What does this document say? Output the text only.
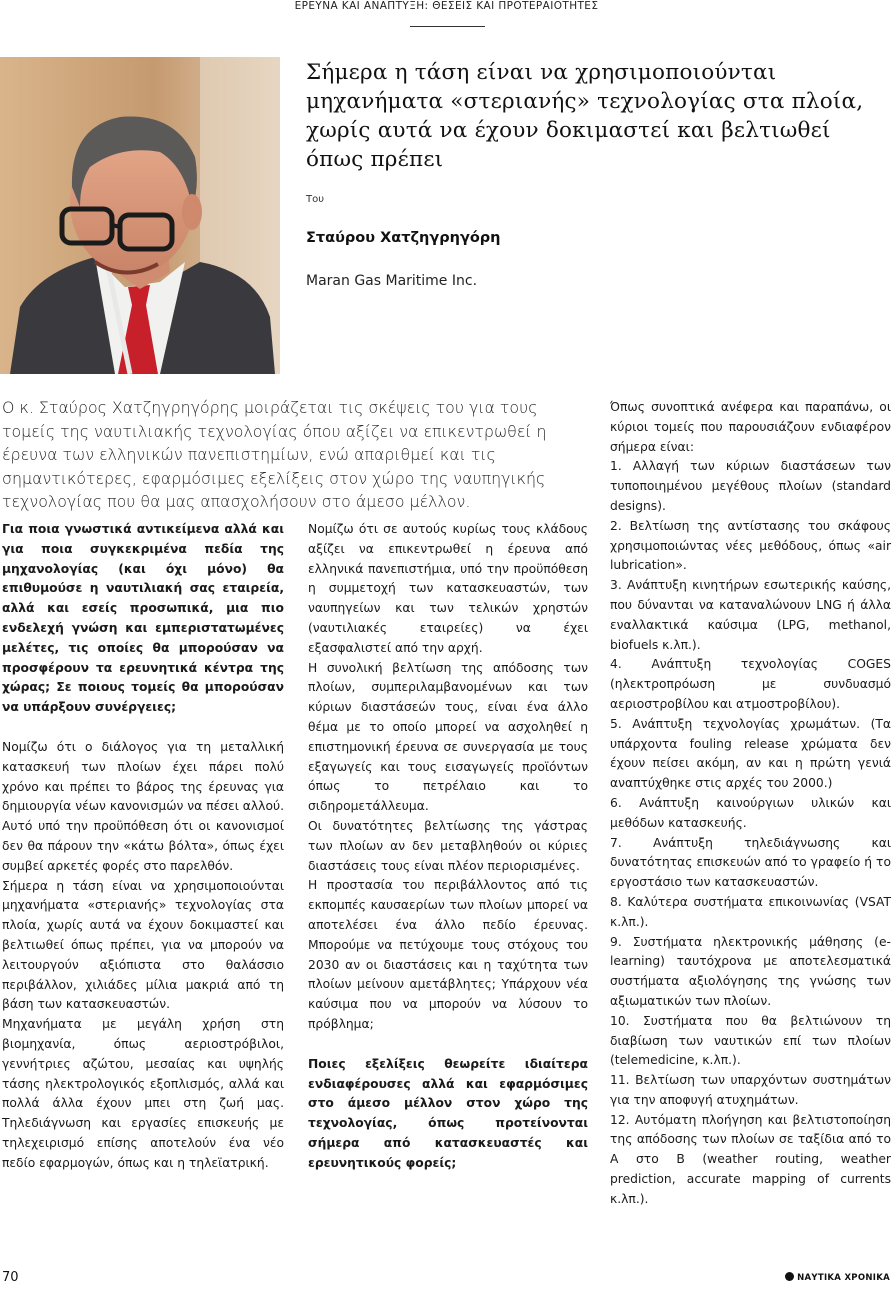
ΕΡΕΥΝΑ ΚΑΙ ΑΝΑΠΤΥΞΗ: ΘΕΣΕΙΣ ΚΑΙ ΠΡΟΤΕΡΑΙΟΤΗΤΕΣ
Σήμερα η τάση είναι να χρησιμοποιούνται μηχανήματα «στεριανής» τεχνολογίας στα πλοία, χωρίς αυτά να έχουν δοκιμαστεί και βελτιωθεί όπως πρέπει
Του
Σταύρου Χατζηγρηγόρη
Maran Gas Maritime Inc.

Ο κ. Σταύρος Χατζηγρηγόρης μοιράζεται τις σκέψεις του για τους τομείς της ναυτιλιακής τεχνολογίας όπου αξίζει να επικεντρωθεί η έρευνα των ελληνικών πανεπιστημίων, ενώ απαριθμεί και τις σημαντικότερες, εφαρμόσιμες εξελίξεις στον χώρο της ναυπηγικής τεχνολογίας που θα μας απασχολήσουν στο άμεσο μέλλον.

Για ποια γνωστικά αντικείμενα αλλά και για ποια συγκεκριμένα πεδία της μηχανολογίας (και όχι μόνο) θα επιθυμούσε η ναυτιλιακή σας εταιρεία, αλλά και εσείς προσωπικά, μια πιο ενδελεχή γνώση και εμπεριστατωμένες μελέτες, τις οποίες θα μπορούσαν να προσφέρουν τα ερευνητικά κέντρα της χώρας; Σε ποιους τομείς θα μπορούσαν να υπάρξουν συνέργειες;

Νομίζω ότι ο διάλογος για τη μεταλλική κατασκευή των πλοίων έχει πάρει πολύ χρόνο και πρέπει το βάρος της έρευνας για δημιουργία νέων κανονισμών να πέσει αλλού. Αυτό υπό την προϋπόθεση ότι οι κανονισμοί δεν θα πάρουν την «κάτω βόλτα», όπως έχει συμβεί αρκετές φορές στο παρελθόν.

Σήμερα η τάση είναι να χρησιμοποιούνται μηχανήματα «στεριανής» τεχνολογίας στα πλοία, χωρίς αυτά να έχουν δοκιμαστεί και βελτιωθεί όπως πρέπει, για να μπορούν να λειτουργούν αξιόπιστα στο θαλάσσιο περιβάλλον, χιλιάδες μίλια μακριά από τη βάση των κατασκευαστών.

Μηχανήματα με μεγάλη χρήση στη βιομηχανία, όπως αεριοστρόβιλοι, γεννήτριες αζώτου, μεσαίας και υψηλής τάσης ηλεκτρολογικός εξοπλισμός, αλλά και πολλά άλλα έχουν μπει στη ζωή μας. Τηλεδιάγνωση και εργασίες επισκευής με τηλεχειρισμό επίσης αποτελούν ένα νέο πεδίο εφαρμογών, όπως και η τηλεϊατρική.

Νομίζω ότι σε αυτούς κυρίως τους κλάδους αξίζει να επικεντρωθεί η έρευνα από ελληνικά πανεπιστήμια, υπό την προϋπόθεση η συμμετοχή των κατασκευαστών, των ναυπηγείων και των τελικών χρηστών (ναυτιλιακές εταιρείες) να έχει εξασφαλιστεί από την αρχή.

Η συνολική βελτίωση της απόδοσης των πλοίων, συμπεριλαμβανομένων και των κύριων διαστάσεών τους, είναι ένα άλλο θέμα με το οποίο μπορεί να ασχοληθεί η επιστημονική έρευνα σε συνεργασία με τους εξαγωγείς και τους εισαγωγείς προϊόντων όπως το πετρέλαιο και το σιδηρομετάλλευμα.

Οι δυνατότητες βελτίωσης της γάστρας των πλοίων αν δεν μεταβληθούν οι κύριες διαστάσεις τους είναι πλέον περιορισμένες.

Η προστασία του περιβάλλοντος από τις εκπομπές καυσαερίων των πλοίων μπορεί να αποτελέσει ένα άλλο πεδίο έρευνας. Μπορούμε να πετύχουμε τους στόχους του 2030 αν οι διαστάσεις και η ταχύτητα των πλοίων μείνουν αμετάβλητες; Υπάρχουν νέα καύσιμα που να μπορούν να λύσουν το πρόβλημα;

Ποιες εξελίξεις θεωρείτε ιδιαίτερα ενδιαφέρουσες αλλά και εφαρμόσιμες στο άμεσο μέλλον στον χώρο της τεχνολογίας, όπως προτείνονται σήμερα από κατασκευαστές και ερευνητικούς φορείς;

Όπως συνοπτικά ανέφερα και παραπάνω, οι κύριοι τομείς που παρουσιάζουν ενδιαφέρον σήμερα είναι:

1. Αλλαγή των κύριων διαστάσεων των τυποποιημένου μεγέθους πλοίων (standard designs).

2. Βελτίωση της αντίστασης του σκάφους χρησιμοποιώντας νέες μεθόδους, όπως «air lubrication».

3. Ανάπτυξη κινητήρων εσωτερικής καύσης, που δύνανται να καταναλώνουν LNG ή άλλα εναλλακτικά καύσιμα (LPG, methanol, biofuels κ.λπ.).

4. Ανάπτυξη τεχνολογίας COGES (ηλεκτροπρόωση με συνδυασμό αεριοστροβίλου και ατμοστροβίλου).

5. Ανάπτυξη τεχνολογίας χρωμάτων. (Τα υπάρχοντα fouling release χρώματα δεν έχουν πείσει ακόμη, αν και η πρώτη γενιά αναπτύχθηκε στις αρχές του 2000.)

6. Ανάπτυξη καινούργιων υλικών και μεθόδων κατασκευής.

7. Ανάπτυξη τηλεδιάγνωσης και δυνατότητας επισκευών από το γραφείο ή το εργοστάσιο των κατασκευαστών.

8. Καλύτερα συστήματα επικοινωνίας (VSAT κ.λπ.).

9. Συστήματα ηλεκτρονικής μάθησης (e-learning) ταυτόχρονα με αποτελεσματικά συστήματα αξιολόγησης της γνώσης των αξιωματικών των πλοίων.

10. Συστήματα που θα βελτιώνουν τη διαβίωση των ναυτικών επί των πλοίων (telemedicine, κ.λπ.).

11. Βελτίωση των υπαρχόντων συστημάτων για την αποφυγή ατυχημάτων.

12. Αυτόματη πλοήγηση και βελτιστοποίηση της απόδοσης των πλοίων σε ταξίδια από το A στο B (weather routing, weather prediction, accurate mapping of currents κ.λπ.).

70	ΝΑΥΤΙΚΑ ΧΡΟΝΙΚΑ
